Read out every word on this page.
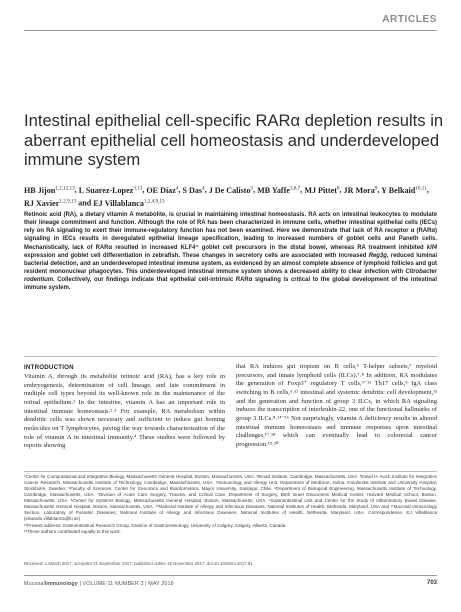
ARTICLES
Intestinal epithelial cell-specific RARα depletion results in aberrant epithelial cell homeostasis and underdeveloped immune system
HB Jijon$^{1,2,12,13}$, L Suarez-Lopez$^{3,13}$, OE Diaz$^4$, S Das$^4$, J De Calisto$^5$, MB Yaffe$^{3,6,7}$, MJ Pittet$^8$, JR Mora$^9$, Y Belkaid$^{10,11}$, RJ Xavier$^{1,2,9,13}$ and EJ Villablanca$^{1,2,4,9,13}$
Retinoic acid (RA), a dietary vitamin A metabolite, is crucial in maintaining intestinal homeostasis. RA acts on intestinal leukocytes to modulate their lineage commitment and function. Although the role of RA has been characterized in immune cells, whether intestinal epithelial cells (IECs) rely on RA signaling to exert their immune-regulatory function has not been examined. Here we demonstrate that lack of RA receptor α (RARα) signaling in IECs results in deregulated epithelial lineage specification, leading to increased numbers of goblet cells and Paneth cells. Mechanistically, lack of RARα resulted in increased KLF4⁺ goblet cell precursors in the distal bowel, whereas RA treatment inhibited klf4 expression and goblet cell differentiation in zebrafish. These changes in secretory cells are associated with increased Reg3g, reduced luminal bacterial detection, and an underdeveloped intestinal immune system, as evidenced by an almost complete absence of lymphoid follicles and gut resident mononuclear phagocytes. This underdeveloped intestinal immune system shows a decreased ability to clear infection with Citrobacter rodentium. Collectively, our findings indicate that epithelial cell-intrinsic RARα signaling is critical to the global development of the intestinal immune system.
INTRODUCTION
Vitamin A, through its metabolite retinoic acid (RA), has a key role in embryogenesis, determination of cell lineage, and fate commitment in multiple cell types beyond its well-known role in the maintenance of the retinal epithelium.¹ In the intestine, vitamin A has an important role in intestinal immune homeostasis.²˒³ For example, RA metabolism within dendritic cells was shown necessary and sufficient to induce gut homing molecules on T lymphocytes, paving the way towards characterization of the role of vitamin A in intestinal immunity.⁴ These studies were followed by reports showing
that RA induces gut tropism on B cells,⁵ T-helper subsets,⁶ myeloid precursors, and innate lymphoid cells (ILCs).⁷˒⁸ In addition, RA modulates the generation of Foxp3⁺ regulatory T cells,⁹⁻¹¹ Th17 cells,⁹ IgA class switching in B cells,⁵˒¹² intestinal and systemic dendritic cell development,¹³ and the generation and function of group 3 ILCs, in which RA signaling induces the transcription of interleukin-22, one of the functional hallmarks of group 3 ILCs.⁸˒¹⁴⁻¹⁶ Not surprisingly, vitamin A deficiency results in altered intestinal immune homeostasis and immune responses upon intestinal challenges,¹⁷˒¹⁸ which can eventually lead to colorectal cancer progression.¹⁹˒²⁰

¹Center for Computational and Integrative Biology, Massachusetts General Hospital, Boston, Massachusetts, USA. ²Broad Institute, Cambridge, Massachusetts, USA. ³David H. Koch Institute for Integrative Cancer Research, Massachusetts Institute of Technology, Cambridge, Massachusetts, USA. ⁴Immunology and Allergy Unit, Department of Medicine, Solna, Karolinska Institute and University Hospital, Stockholm, Sweden. ⁵Faculty of Sciences, Center for Genomics and Bioinformatics, Mayor University, Santiago, Chile. ⁶Department of Biological Engineering, Massachusetts Institute of Technology, Cambridge, Massachusetts, USA. ⁷Division of Acute Care Surgery, Trauma, and Critical Care, Department of Surgery, Beth Israel Deaconess Medical Center, Harvard Medical School, Boston, Massachusetts, USA. ⁸Center for Systems Biology, Massachusetts General Hospital, Boston, Massachusetts, USA. ⁹Gastrointestinal Unit and Center for the Study of Inflammatory Bowel Disease, Massachusetts General Hospital, Boston, Massachusetts, USA. ¹⁰National Institute of Allergy and Infectious Diseases, National Institutes of Health, Bethesda, Maryland, USA and ¹¹Mucosal Immunology Section, Laboratory of Parasitic Diseases, National Institute of Allergy and Infectious Diseases, National Institutes of Health, Bethesda, Maryland, USA. Correspondence: EJ Villablanca (eduardo.villablanca@ki.se)

¹²Present address: Gastrointestinal Research Group, Division of Gastroenterology, University of Calgary, Calgary, Alberta, Canada.

¹³These authors contributed equally to this work.

Received: 1 March 2017; accepted 21 September 2017; published online 15 November 2017. doi:10.1038/mi.2017.91
MucosalImmunology | VOLUME 11 NUMBER 3 | MAY 2018	703
